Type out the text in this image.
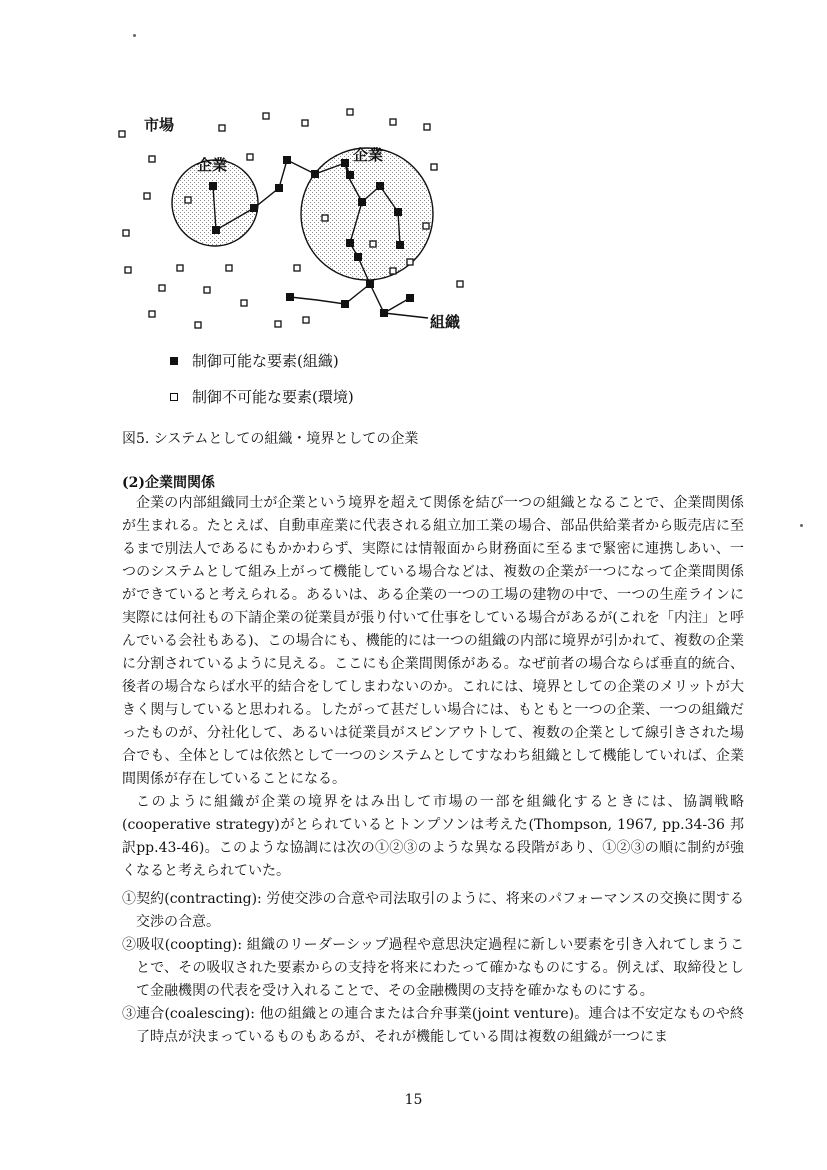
市場
企業
企業
組織
制御可能な要素(組織)
制御不可能な要素(環境)
図5. システムとしての組織・境界としての企業
(2)企業間関係

企業の内部組織同士が企業という境界を超えて関係を結び一つの組織となることで、企業間関係が生まれる。たとえば、自動車産業に代表される組立加工業の場合、部品供給業者から販売店に至るまで別法人であるにもかかわらず、実際には情報面から財務面に至るまで緊密に連携しあい、一つのシステムとして組み上がって機能している場合などは、複数の企業が一つになって企業間関係ができていると考えられる。あるいは、ある企業の一つの工場の建物の中で、一つの生産ラインに実際には何社もの下請企業の従業員が張り付いて仕事をしている場合があるが(これを「内注」と呼んでいる会社もある)、この場合にも、機能的には一つの組織の内部に境界が引かれて、複数の企業に分割されているように見える。ここにも企業間関係がある。なぜ前者の場合ならば垂直的統合、後者の場合ならば水平的結合をしてしまわないのか。これには、境界としての企業のメリットが大きく関与していると思われる。したがって甚だしい場合には、もともと一つの企業、一つの組織だったものが、分社化して、あるいは従業員がスピンアウトして、複数の企業として線引きされた場合でも、全体としては依然として一つのシステムとしてすなわち組織として機能していれば、企業間関係が存在していることになる。

このように組織が企業の境界をはみ出して市場の一部を組織化するときには、協調戦略(cooperative strategy)がとられているとトンプソンは考えた(Thompson, 1967, pp.34-36 邦訳pp.43-46)。このような協調には次の①②③のような異なる段階があり、①②③の順に制約が強くなると考えられていた。

①契約(contracting): 労使交渉の合意や司法取引のように、将来のパフォーマンスの交換に関する交渉の合意。

②吸収(coopting): 組織のリーダーシップ過程や意思決定過程に新しい要素を引き入れてしまうことで、その吸収された要素からの支持を将来にわたって確かなものにする。例えば、取締役として金融機関の代表を受け入れることで、その金融機関の支持を確かなものにする。

③連合(coalescing): 他の組織との連合または合弁事業(joint venture)。連合は不安定なものや終了時点が決まっているものもあるが、それが機能している間は複数の組織が一つにま

15
